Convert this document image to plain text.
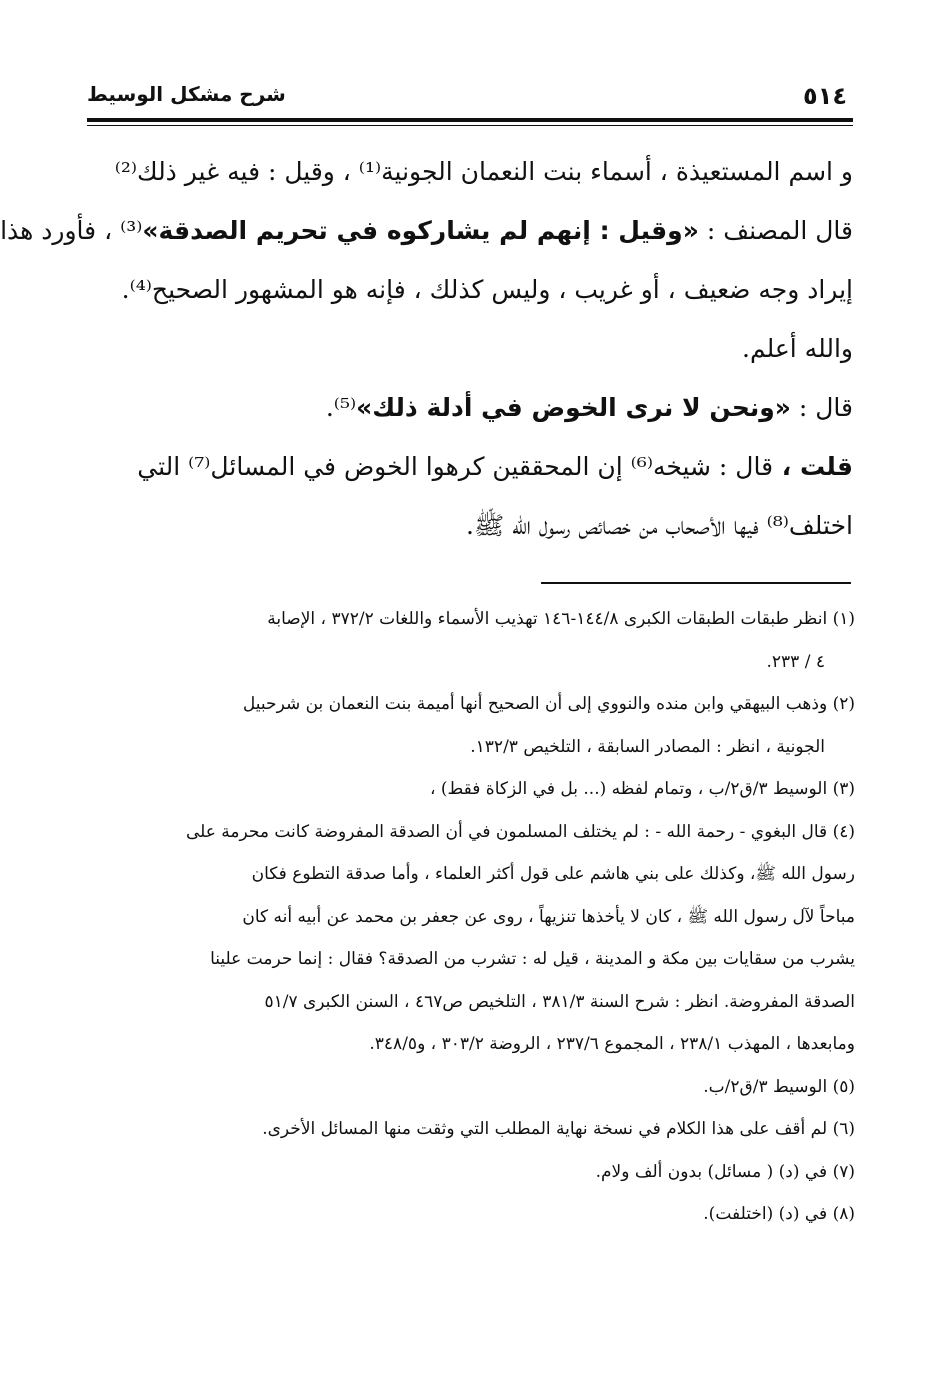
٥١٤
شرح مشكل الوسيط
و اسم المستعيذة ، أسماء بنت النعمان الجونية⁽¹⁾ ، وقيل : فيه غير ذلك⁽²⁾
قال المصنف : «وقيل : إنهم لم يشاركوه في تحريم الصدقة»⁽³⁾ ، فأورد هذا
إيراد وجه ضعيف ، أو غريب ، وليس كذلك ، فإنه هو المشهور الصحيح⁽⁴⁾.
والله أعلم.
قال : «ونحن لا نرى الخوض في أدلة ذلك»⁽⁵⁾.
قلت ، قال : شيخه⁽⁶⁾ إن المحققين كرهوا الخوض في المسائل⁽⁷⁾ التي
اختلف⁽⁸⁾ فيها الأصحاب من خصائص رسول الله ﷺ.
(١) انظر طبقات الطبقات الكبرى ١٤٤/٨-١٤٦ تهذيب الأسماء واللغات ٣٧٢/٢ ، الإصابة
٤ / ٢٣٣.
(٢) وذهب البيهقي وابن منده والنووي إلى أن الصحيح أنها أميمة بنت النعمان بن شرحبيل
الجونية ، انظر : المصادر السابقة ، التلخيص ١٣٢/٣.
(٣) الوسيط ٣/ق٢/ب ، وتمام لفظه (... بل في الزكاة فقط) ،
(٤) قال البغوي - رحمة الله - : لم يختلف المسلمون في أن الصدقة المفروضة كانت محرمة على
رسول الله ﷺ، وكذلك على بني هاشم على قول أكثر العلماء ، وأما صدقة التطوع فكان
مباحاً لآل رسول الله ﷺ ، كان لا يأخذها تنزيهاً ، روى عن جعفر بن محمد عن أبيه أنه كان
يشرب من سقايات بين مكة و المدينة ، قيل له : تشرب من الصدقة؟ فقال : إنما حرمت علينا
الصدقة المفروضة. انظر : شرح السنة ٣٨١/٣ ، التلخيص ص٤٦٧ ، السنن الكبرى ٥١/٧
ومابعدها ، المهذب ٢٣٨/١ ، المجموع ٢٣٧/٦ ، الروضة ٣٠٣/٢ ، و٣٤٨/٥.
(٥) الوسيط ٣/ق٢/ب.
(٦) لم أقف على هذا الكلام في نسخة نهاية المطلب التي وثقت منها المسائل الأخرى.
(٧) في (د) ( مسائل) بدون ألف ولام.
(٨) في (د) (اختلفت).
